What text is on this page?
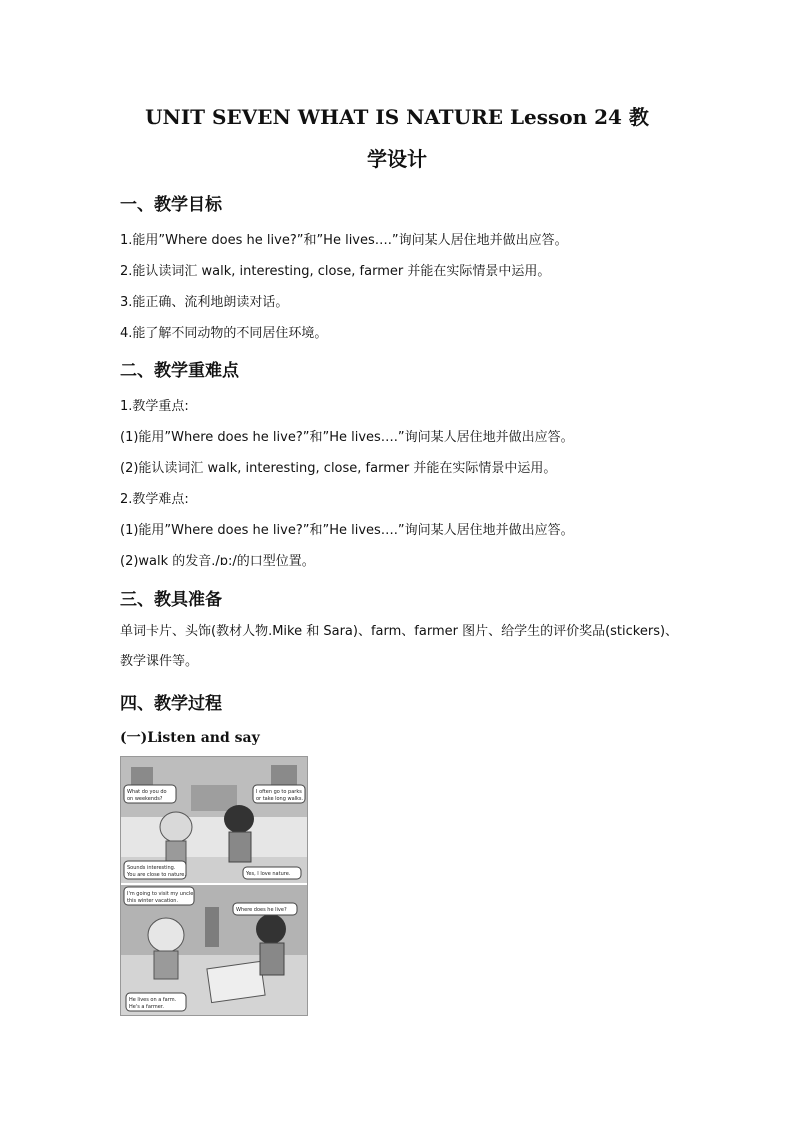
UNIT SEVEN WHAT IS NATURE Lesson 24 教
学设计
一、教学目标
1.能用”Where does he live?”和”He lives….”询问某人居住地并做出应答。
2.能认读词汇 walk, interesting, close, farmer 并能在实际情景中运用。
3.能正确、流利地朗读对话。
4.能了解不同动物的不同居住环境。
二、教学重难点
1.教学重点:
(1)能用”Where does he live?”和”He lives….”询问某人居住地并做出应答。
(2)能认读词汇 walk, interesting, close, farmer 并能在实际情景中运用。
2.教学难点:
(1)能用”Where does he live?”和”He lives….”询问某人居住地并做出应答。
(2)walk 的发音./ɒ:/的口型位置。
三、教具准备
单词卡片、头饰(教材人物.Mike 和 Sara)、farm、farmer 图片、给学生的评价奖品(stickers)、教学课件等。
四、教学过程
(一)Listen and say
What do you do
on weekends?
I often go to parks
or take long walks.
Sounds interesting.
You are close to nature.	Yes, I love nature.
I'm going to visit my uncle
this winter vacation.
Where does he live?
He lives on a farm.
He's a farmer.
